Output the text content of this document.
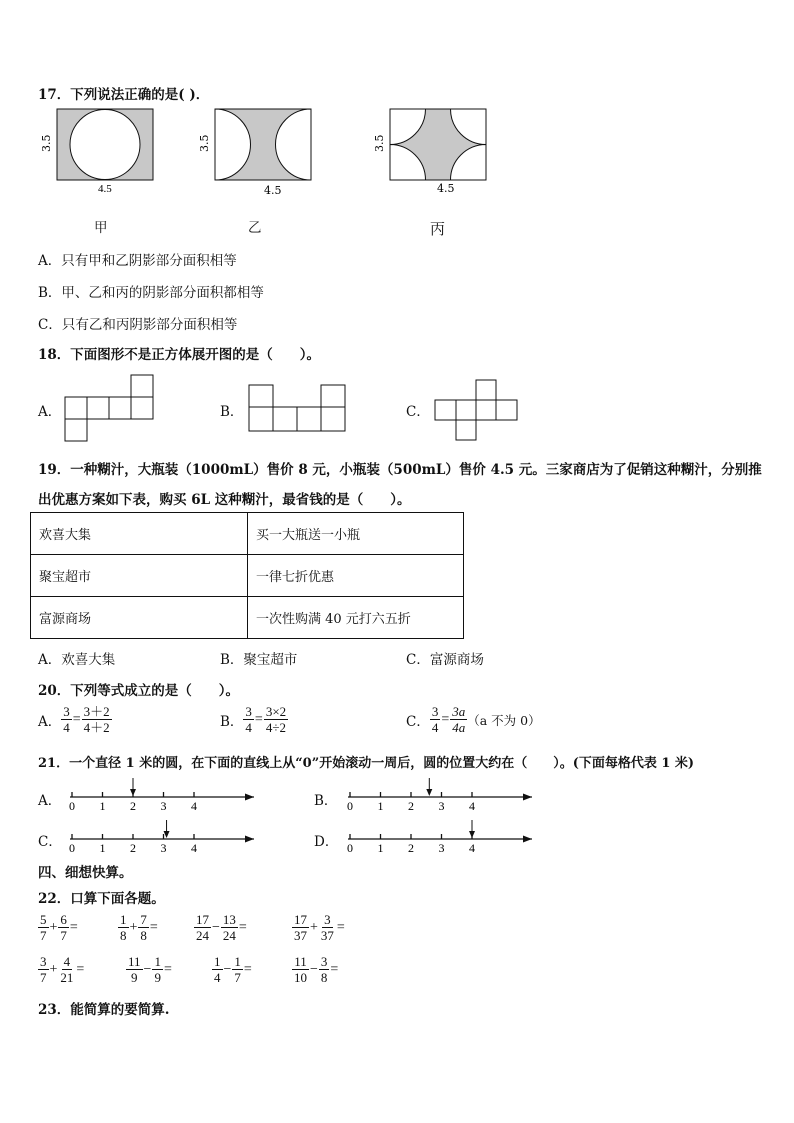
17．下列说法正确的是( )．
4.5
3.5
4.5
3.5
4.5
3.5
甲	乙	丙
A．只有甲和乙阴影部分面积相等
B．甲、乙和丙的阴影部分面积都相等
C．只有乙和丙阴影部分面积相等
18．下面图形不是正方体展开图的是（　　）。
A．	B．	C．
19．一种糊汁，大瓶装（1000mL）售价 8 元，小瓶装（500mL）售价 4.5 元。三家商店为了促销这种糊汁，分别推
出优惠方案如下表，购买 6L 这种糊汁，最省钱的是（　　）。
欢喜大集	买一大瓶送一小瓶
聚宝超市	一律七折优惠
富源商场	一次性购满 40 元打六五折
A．欢喜大集	B．聚宝超市	C．富源商场
20．下列等式成立的是（　　）。
A． $\frac{3}{4} = \frac{3+2}{4+2}$	B． $\frac{3}{4} = \frac{3\times 2}{4\div 2}$	C． $\frac{3}{4} = \frac{3a}{4a} (a$ 不为 0）
21．一个直径 1 米的圆，在下面的直线上从“0”开始滚动一周后，圆的位置大约在（　　）。(下面每格代表 1 米)
A． 0 1 2 3 4	B． 0 1 2 3 4
C． 0 1 2 3 4	D． 0 1 2 3 4
四、细想快算。
22．口算下面各题。
$\frac{5}{7} + \frac{6}{7}$ =	$\frac{1}{8} + \frac{7}{8}$ =	$\frac{17}{24} - \frac{13}{24}$ =	$\frac{17}{37} + \frac{3}{37}$ =
$\frac{3}{7} + \frac{4}{21}$ =	$\frac{11}{9} - \frac{1}{9}$ =	$\frac{1}{4} - \frac{1}{7}$ =	$\frac{11}{10} - \frac{3}{8}$ =
23．能简算的要简算.
